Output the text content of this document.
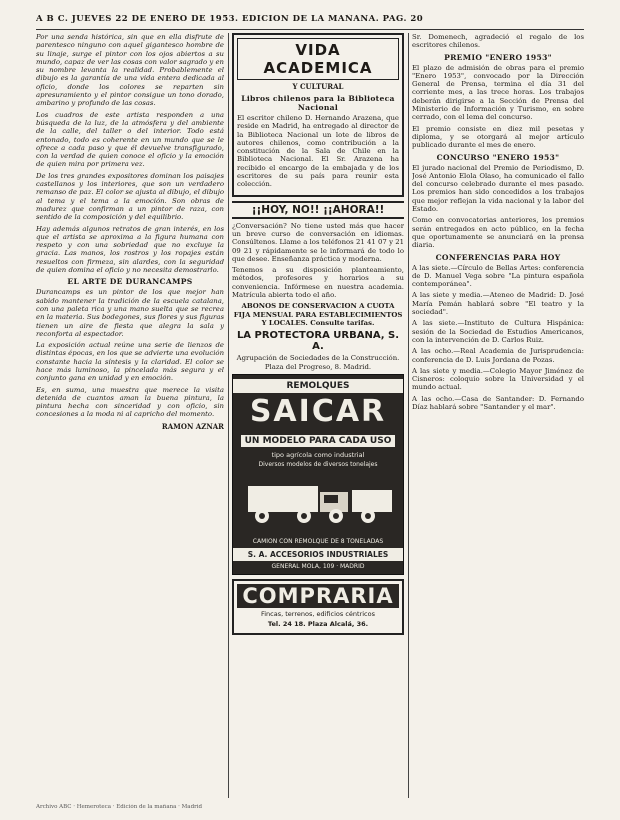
A B C. JUEVES 22 DE ENERO DE 1953. EDICION DE LA MAÑANA. PAG. 20

Por una senda histórica, sin que en ella disfrute de parentesco ninguno con aquel gigantesco hombre de su linaje, surge el pintor con los ojos abiertos a su mundo, capaz de ver las cosas con valor sagrado y en su nombre levanta la realidad. Probablemente el dibujo es la garantía de una vida entera dedicada al oficio, donde los colores se reparten sin apresuramiento y el pintor consigue un tono dorado, ambarino y profundo de las cosas.

Los cuadros de este artista responden a una búsqueda de la luz, de la atmósfera y del ambiente de la calle, del taller o del interior. Todo está entonado, todo es coherente en un mundo que se le ofrece a cada paso y que él devuelve transfigurado, con la verdad de quien conoce el oficio y la emoción de quien mira por primera vez.

De los tres grandes expositores dominan los paisajes castellanos y los interiores, que son un verdadero remanso de paz. El color se ajusta al dibujo, el dibujo al tema y el tema a la emoción. Son obras de madurez que confirman a un pintor de raza, con sentido de la composición y del equilibrio.

Hay además algunos retratos de gran interés, en los que el artista se aproxima a la figura humana con respeto y con una sobriedad que no excluye la gracia. Las manos, los rostros y los ropajes están resueltos con firmeza, sin alardes, con la seguridad de quien domina el oficio y no necesita demostrarlo.

EL ARTE DE DURANCAMPS

Durancamps es un pintor de los que mejor han sabido mantener la tradición de la escuela catalana, con una paleta rica y una mano suelta que se recrea en la materia. Sus bodegones, sus flores y sus figuras tienen un aire de fiesta que alegra la sala y reconforta al espectador.

La exposición actual reúne una serie de lienzos de distintas épocas, en los que se advierte una evolución constante hacia la síntesis y la claridad. El color se hace más luminoso, la pincelada más segura y el conjunto gana en unidad y en emoción.

Es, en suma, una muestra que merece la visita detenida de cuantos aman la buena pintura, la pintura hecha con sinceridad y con oficio, sin concesiones a la moda ni al capricho del momento.

RAMON AZNAR
VIDA ACADEMICA
Y CULTURAL
Libros chilenos para la Biblioteca Nacional

El escritor chileno D. Hernando Arazena, que reside en Madrid, ha entregado al director de la Biblioteca Nacional un lote de libros de autores chilenos, como contribución a la constitución de la Sala de Chile en la Biblioteca Nacional. El Sr. Arazena ha recibido el encargo de la embajada y de los escritores de su país para reunir esta colección.

¡¡HOY, NO!! ¡¡AHORA!!

¿Conversación? No tiene usted más que hacer un breve curso de conversación en idiomas. Consúltenos. Llame a los teléfonos 21 41 07 y 21 09 21 y rápidamente se le informará de todo lo que desee. Enseñanza práctica y moderna.

Tenemos a su disposición planteamiento, métodos, profesores y horarios a su conveniencia. Infórmese en nuestra academia. Matrícula abierta todo el año.

ABONOS DE CONSERVACION A CUOTA FIJA MENSUAL PARA ESTABLECIMIENTOS Y LOCALES. Consulte tarifas.

LA PROTECTORA URBANA, S. A.

Agrupación de Sociedades de la Construcción. Plaza del Progreso, 8. Madrid.

REMOLQUES
SAICAR
UN MODELO PARA CADA USO
tipo agrícola como industrial
Diversos modelos de diversos tonelajes
CAMION CON REMOLQUE DE 8 TONELADAS
S. A. ACCESORIOS INDUSTRIALES
GENERAL MOLA, 109 · MADRID
COMPRARIA
Fincas, terrenos, edificios céntricos
Tel. 24 18. Plaza Alcalá, 36.

Sr. Domenech, agradeció el regalo de los escritores chilenos.

PREMIO "ENERO 1953"

El plazo de admisión de obras para el premio "Enero 1953", convocado por la Dirección General de Prensa, termina el día 31 del corriente mes, a las trece horas. Los trabajos deberán dirigirse a la Sección de Prensa del Ministerio de Información y Turismo, en sobre cerrado, con el lema del concurso.

El premio consiste en diez mil pesetas y diploma, y se otorgará al mejor artículo publicado durante el mes de enero.

CONCURSO "ENERO 1953"

El jurado nacional del Premio de Periodismo, D. José Antonio Elola Olaso, ha comunicado el fallo del concurso celebrado durante el mes pasado. Los premios han sido concedidos a los trabajos que mejor reflejan la vida nacional y la labor del Estado.

Como en convocatorias anteriores, los premios serán entregados en acto público, en la fecha que oportunamente se anunciará en la prensa diaria.

CONFERENCIAS PARA HOY

A las siete.—Círculo de Bellas Artes: conferencia de D. Manuel Vega sobre "La pintura española contemporánea".

A las siete y media.—Ateneo de Madrid: D. José María Pemán hablará sobre "El teatro y la sociedad".

A las siete.—Instituto de Cultura Hispánica: sesión de la Sociedad de Estudios Americanos, con la intervención de D. Carlos Ruiz.

A las ocho.—Real Academia de Jurisprudencia: conferencia de D. Luis Jordana de Pozas.

A las siete y media.—Colegio Mayor Jiménez de Cisneros: coloquio sobre la Universidad y el mundo actual.

A las ocho.—Casa de Santander: D. Fernando Díaz hablará sobre "Santander y el mar".

Archivo ABC · Hemeroteca · Edición de la mañana · Madrid
